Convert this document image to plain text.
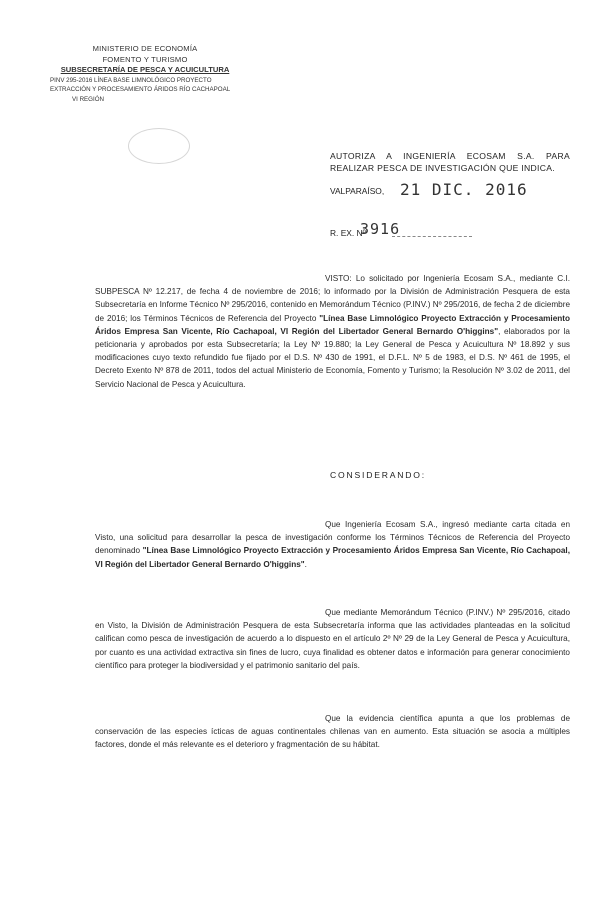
MINISTERIO DE ECONOMÍA
FOMENTO Y TURISMO
SUBSECRETARÍA DE PESCA Y ACUICULTURA
PINV 295-2016 LÍNEA BASE LIMNOLÓGICO PROYECTO
EXTRACCIÓN Y PROCESAMIENTO ÁRIDOS RÍO CACHAPOAL
VI REGIÓN
AUTORIZA A INGENIERÍA ECOSAM S.A. PARA REALIZAR PESCA DE INVESTIGACIÓN QUE INDICA.
VALPARAÍSO, 21 DIC. 2016
R. EX. Nº
3916
VISTO: Lo solicitado por Ingeniería Ecosam S.A., mediante C.I. SUBPESCA Nº 12.217, de fecha 4 de noviembre de 2016; lo informado por la División de Administración Pesquera de esta Subsecretaría en Informe Técnico Nº 295/2016, contenido en Memorándum Técnico (P.INV.) Nº 295/2016, de fecha 2 de diciembre de 2016; los Términos Técnicos de Referencia del Proyecto "Línea Base Limnológico Proyecto Extracción y Procesamiento Áridos Empresa San Vicente, Río Cachapoal, VI Región del Libertador General Bernardo O'higgins", elaborados por la peticionaria y aprobados por esta Subsecretaría; la Ley Nº 19.880; la Ley General de Pesca y Acuicultura Nº 18.892 y sus modificaciones cuyo texto refundido fue fijado por el D.S. Nº 430 de 1991, el D.F.L. Nº 5 de 1983, el D.S. Nº 461 de 1995, el Decreto Exento Nº 878 de 2011, todos del actual Ministerio de Economía, Fomento y Turismo; la Resolución Nº 3.02 de 2011, del Servicio Nacional de Pesca y Acuicultura.
CONSIDERANDO:
Que Ingeniería Ecosam S.A., ingresó mediante carta citada en Visto, una solicitud para desarrollar la pesca de investigación conforme los Términos Técnicos de Referencia del Proyecto denominado "Línea Base Limnológico Proyecto Extracción y Procesamiento Áridos Empresa San Vicente, Río Cachapoal, VI Región del Libertador General Bernardo O'higgins".
Que mediante Memorándum Técnico (P.INV.) Nº 295/2016, citado en Visto, la División de Administración Pesquera de esta Subsecretaría informa que las actividades planteadas en la solicitud califican como pesca de investigación de acuerdo a lo dispuesto en el artículo 2º Nº 29 de la Ley General de Pesca y Acuicultura, por cuanto es una actividad extractiva sin fines de lucro, cuya finalidad es obtener datos e información para generar conocimiento científico para proteger la biodiversidad y el patrimonio sanitario del país.
Que la evidencia científica apunta a que los problemas de conservación de las especies ícticas de aguas continentales chilenas van en aumento. Esta situación se asocia a múltiples factores, donde el más relevante es el deterioro y fragmentación de su hábitat.
